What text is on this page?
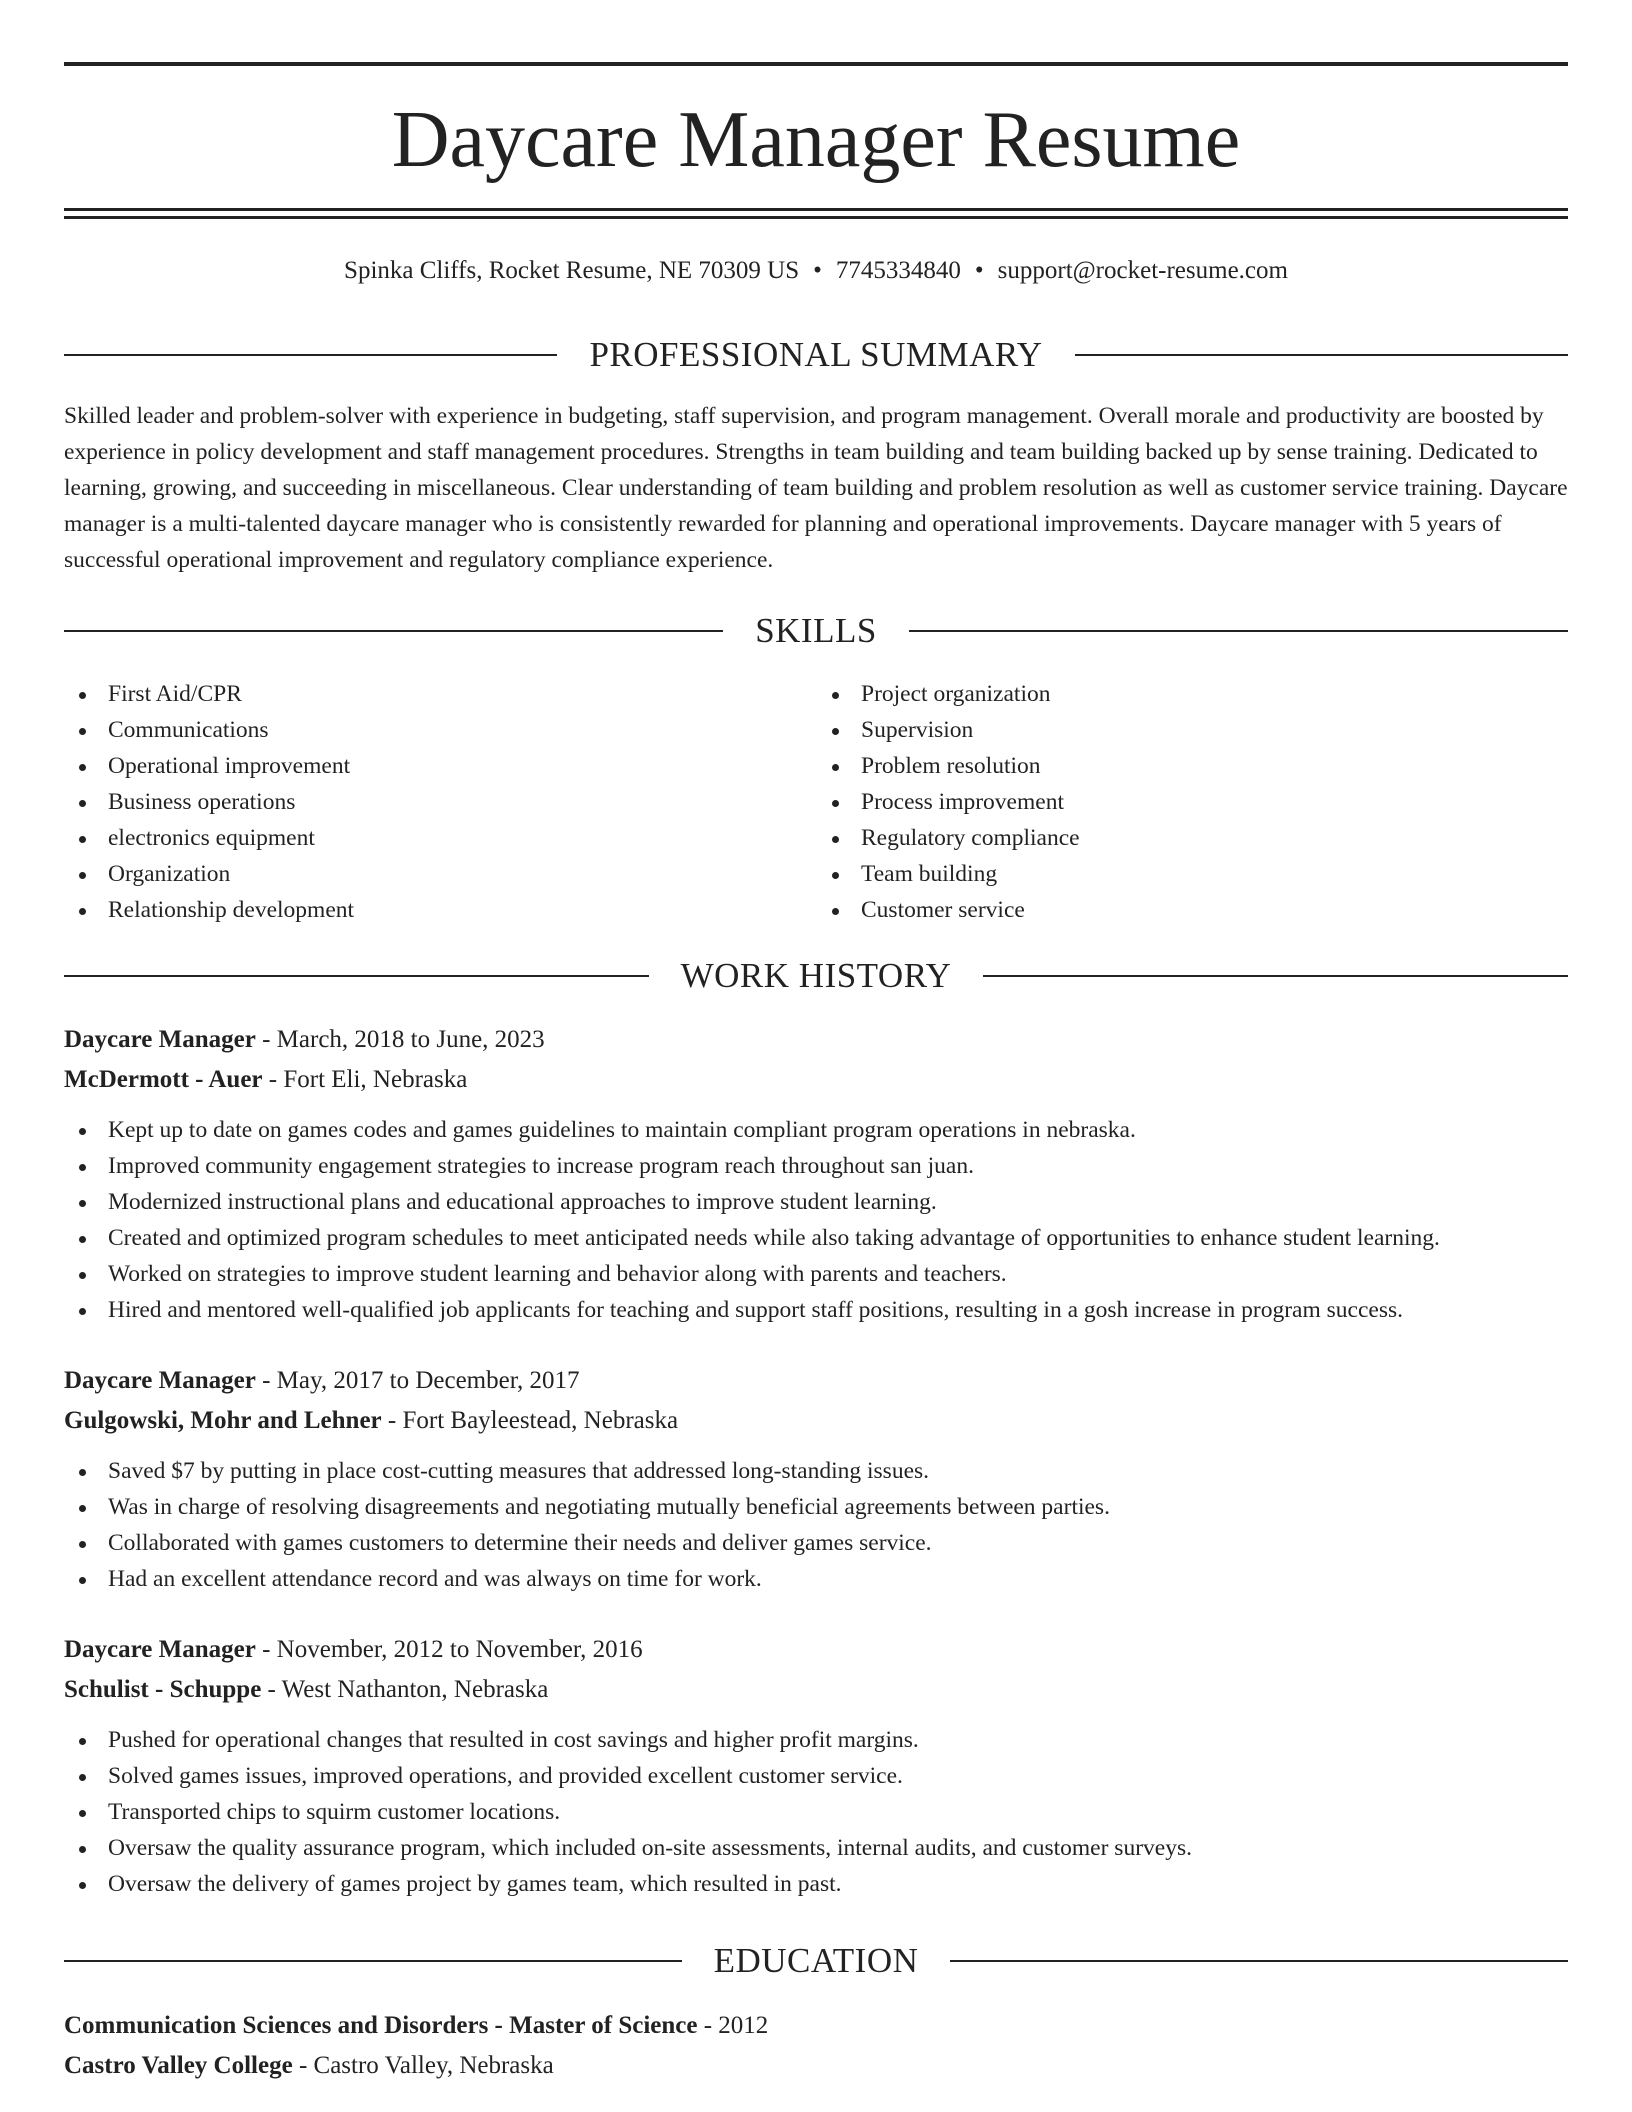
Daycare Manager Resume
Spinka Cliffs, Rocket Resume, NE 70309 US • 7745334840 • support@rocket-resume.com
PROFESSIONAL SUMMARY
Skilled leader and problem-solver with experience in budgeting, staff supervision, and program management. Overall morale and productivity are boosted by experience in policy development and staff management procedures. Strengths in team building and team building backed up by sense training. Dedicated to learning, growing, and succeeding in miscellaneous. Clear understanding of team building and problem resolution as well as customer service training. Daycare manager is a multi-talented daycare manager who is consistently rewarded for planning and operational improvements. Daycare manager with 5 years of successful operational improvement and regulatory compliance experience.
SKILLS
First Aid/CPR
Communications
Operational improvement
Business operations
electronics equipment
Organization
Relationship development
Project organization
Supervision
Problem resolution
Process improvement
Regulatory compliance
Team building
Customer service
WORK HISTORY
Daycare Manager - March, 2018 to June, 2023
McDermott - Auer - Fort Eli, Nebraska
Kept up to date on games codes and games guidelines to maintain compliant program operations in nebraska.
Improved community engagement strategies to increase program reach throughout san juan.
Modernized instructional plans and educational approaches to improve student learning.
Created and optimized program schedules to meet anticipated needs while also taking advantage of opportunities to enhance student learning.
Worked on strategies to improve student learning and behavior along with parents and teachers.
Hired and mentored well-qualified job applicants for teaching and support staff positions, resulting in a gosh increase in program success.
Daycare Manager - May, 2017 to December, 2017
Gulgowski, Mohr and Lehner - Fort Bayleestead, Nebraska
Saved $7 by putting in place cost-cutting measures that addressed long-standing issues.
Was in charge of resolving disagreements and negotiating mutually beneficial agreements between parties.
Collaborated with games customers to determine their needs and deliver games service.
Had an excellent attendance record and was always on time for work.
Daycare Manager - November, 2012 to November, 2016
Schulist - Schuppe - West Nathanton, Nebraska
Pushed for operational changes that resulted in cost savings and higher profit margins.
Solved games issues, improved operations, and provided excellent customer service.
Transported chips to squirm customer locations.
Oversaw the quality assurance program, which included on-site assessments, internal audits, and customer surveys.
Oversaw the delivery of games project by games team, which resulted in past.
EDUCATION
Communication Sciences and Disorders - Master of Science - 2012
Castro Valley College - Castro Valley, Nebraska
